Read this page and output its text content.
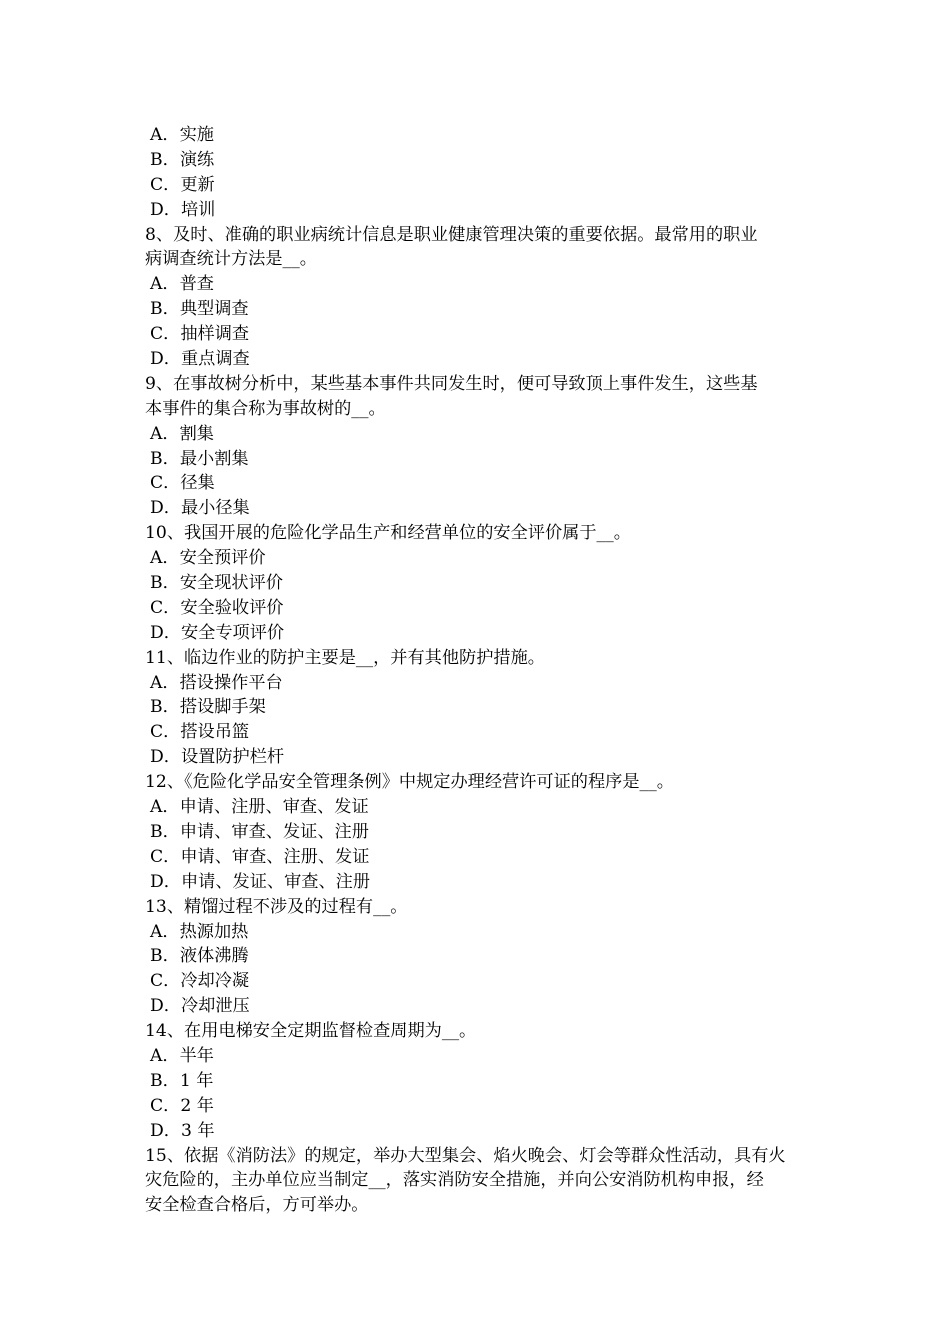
A．实施
B．演练
C．更新
D．培训
8、及时、准确的职业病统计信息是职业健康管理决策的重要依据。最常用的职业
病调查统计方法是__。
A．普查
B．典型调查
C．抽样调查
D．重点调查
9、在事故树分析中，某些基本事件共同发生时，便可导致顶上事件发生，这些基
本事件的集合称为事故树的__。
A．割集
B．最小割集
C．径集
D．最小径集
10、我国开展的危险化学品生产和经营单位的安全评价属于__。
A．安全预评价
B．安全现状评价
C．安全验收评价
D．安全专项评价
11、临边作业的防护主要是__，并有其他防护措施。
A．搭设操作平台
B．搭设脚手架
C．搭设吊篮
D．设置防护栏杆
12、《危险化学品安全管理条例》中规定办理经营许可证的程序是__。
A．申请、注册、审查、发证
B．申请、审查、发证、注册
C．申请、审查、注册、发证
D．申请、发证、审查、注册
13、精馏过程不涉及的过程有__。
A．热源加热
B．液体沸腾
C．冷却冷凝
D．冷却泄压
14、在用电梯安全定期监督检查周期为__。
A．半年
B．1 年
C．2 年
D．3 年
15、依据《消防法》的规定，举办大型集会、焰火晚会、灯会等群众性活动，具有火
灾危险的，主办单位应当制定__，落实消防安全措施，并向公安消防机构申报，经
安全检查合格后，方可举办。
